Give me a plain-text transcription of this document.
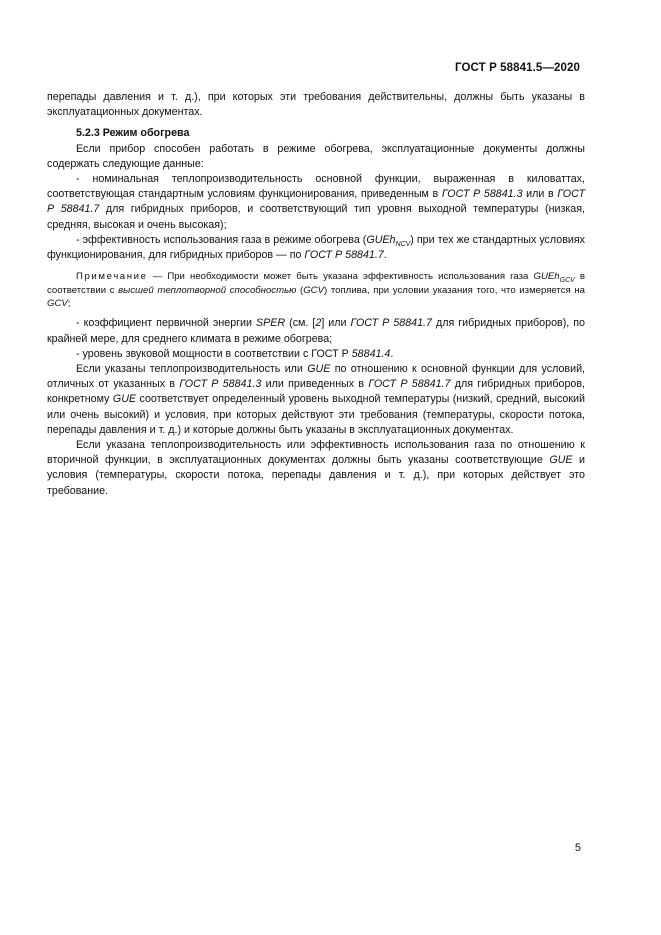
ГОСТ Р 58841.5—2020

перепады давления и т. д.), при которых эти требования действительны, должны быть указаны в эксплуатационных документах.

5.2.3 Режим обогрева

Если прибор способен работать в режиме обогрева, эксплуатационные документы должны содержать следующие данные:

- номинальная теплопроизводительность основной функции, выраженная в киловаттах, соответствующая стандартным условиям функционирования, приведенным в ГОСТ Р 58841.3 или в ГОСТ Р 58841.7 для гибридных приборов, и соответствующий тип уровня выходной температуры (низкая, средняя, высокая и очень высокая);

- эффективность использования газа в режиме обогрева (GUEh$_{NCV}$) при тех же стандартных условиях функционирования, для гибридных приборов — по ГОСТ Р 58841.7.

Примечание — При необходимости может быть указана эффективность использования газа GUEh$_{GCV}$ в соответствии с высшей теплотворной способностью (GCV) топлива, при условии указания того, что измеряется на GCV;

- коэффициент первичной энергии SPER (см. [2] или ГОСТ Р 58841.7 для гибридных приборов), по крайней мере, для среднего климата в режиме обогрева;

- уровень звуковой мощности в соответствии с ГОСТ Р 58841.4.

Если указаны теплопроизводительность или GUE по отношению к основной функции для условий, отличных от указанных в ГОСТ Р 58841.3 или приведенных в ГОСТ Р 58841.7 для гибридных приборов, конкретному GUE соответствует определенный уровень выходной температуры (низкий, средний, высокий или очень высокий) и условия, при которых действуют эти требования (температуры, скорости потока, перепады давления и т. д.) и которые должны быть указаны в эксплуатационных документах.

Если указана теплопроизводительность или эффективность использования газа по отношению к вторичной функции, в эксплуатационных документах должны быть указаны соответствующие GUE и условия (температуры, скорости потока, перепады давления и т. д.), при которых действует это требование.

5
